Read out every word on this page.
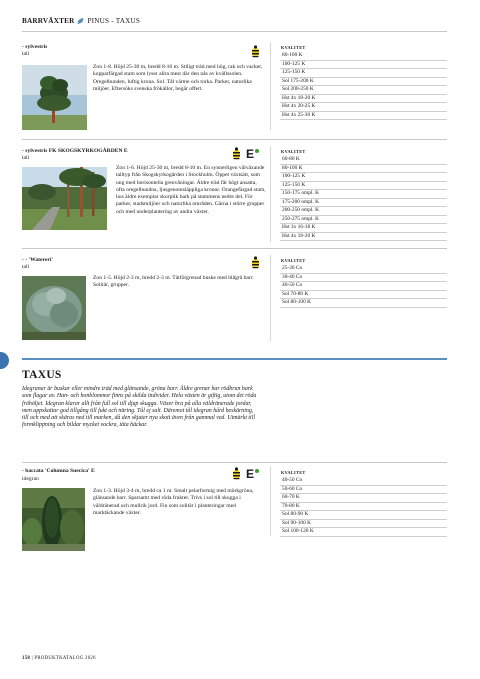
BARRVÄXTER PINUS - TAXUS
- sylvestris
tall
Zon 1-8. Höjd 25-30 m, bredd 8-10 m. Stiligt träd med hög, rak och vacker, kopparfärgad stam som lyser allra mest där den nås av kvällssolen. Oregelbunden, luftig krona. Sol. Tål värme och torka. Parker, naturlika miljöer. Eftersöks svenska frökällor, begär offert.
KVALITET
80-100 K
100-125 K
125-150 K
Sol 175-200 K
Sol 200-250 K
Hst 4x 18-20 K
Hst 4x 20-25 K
Hst 4x 25-30 K
- sylvestris FK SKOGSKYRKOGÅRDEN E
tall	E
Zon 1-6. Höjd 25-30 m, bredd 8-10 m. En synnerligen välväxande talltyp från Skogskyrkogården i Stockholm. Öppet växtsätt, som ung med horisontella grenvåningar. Äldre träd får högt ansatta, ofta oregelbundna, ljusgenomsläppliga kronor. Orangefärgad stam, hos äldre exemplar skorplik bark på stammens nedre del. För parker, stadsmiljöer och naturlika områden. Gärna i större grupper och med underplantering av andra växter.
KVALITET
60-80 K
80-100 K
100-125 K
125-150 K
150-175 ompl. K
175-200 ompl. K
200-250 ompl. K
250-275 ompl. K
Hst 3x 16-18 K
Hst 4x 18-20 K
- - 'Watereri'
tall
Zon 1-5. Höjd 2-3 m, bredd 2-3 m. Tätförgrenad buske med blågrå barr. Solitär, grupper.
KVALITET
25-30 Co
30-40 Co
40-50 Co
Sol 70-80 K
Sol 80-100 K
TAXUS
Idegranar är buskar eller mindre träd med glänsande, gröna barr. Äldre grenar har rödbrun bark som flagar av. Han- och honblommor finns på skilda individer. Hela växten är giftig, utom det röda fröhöljet. Idegran klarar allt från full sol till djup skugga. Växer bra på alla väldränerade jordar, men uppskattar god tillgång till fukt och näring. Tål ej salt. Däremot tål idegran hård beskärning, till och med att skäras ned till marken, då den skjuter nya skott även från gammal ved. Utmärkt till formklippning och bildar mycket vackra, täta häckar.
- baccata 'Columna Suecica' E
idegran	E
Zon 1-3. Höjd 3-4 m, bredd ca 1 m. Smalt pelarformig med mörkgröna, glänsande barr. Sparsamt med röda frukter. Trivs i sol till skugga i väldränerad och mullrik jord. Fin som solitär i planteringar med marktäckande växter.
KVALITET
40-50 Co
50-60 Co
60-70 K
70-80 K
Sol 80-90 K
Sol 90-100 K
Sol 100-120 K
158 | PRODUKTKATALOG 2026
